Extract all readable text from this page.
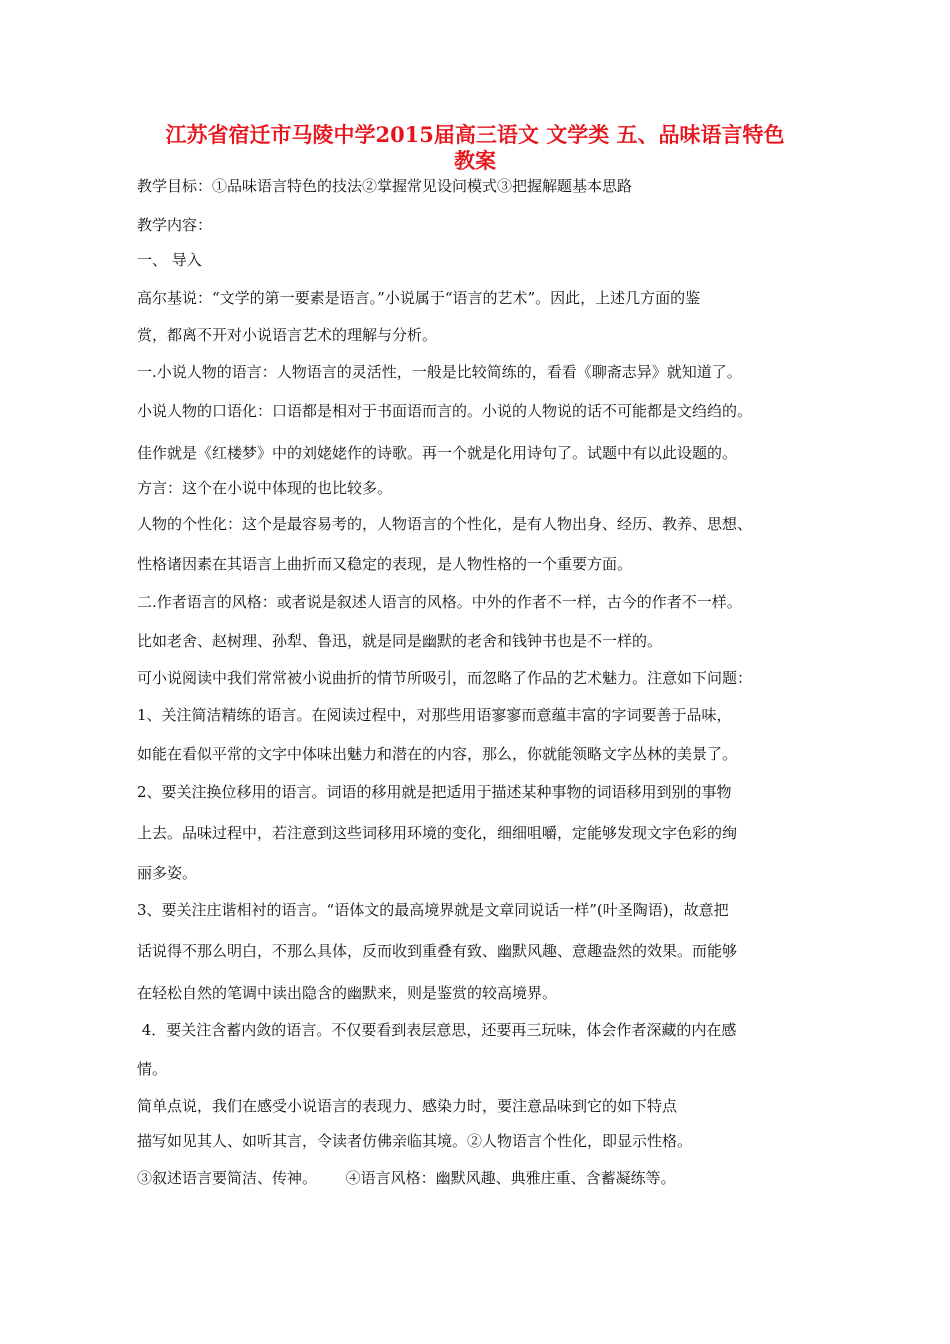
江苏省宿迁市马陵中学2015届高三语文 文学类 五、品味语言特色
教案
教学目标：①品味语言特色的技法②掌握常见设问模式③把握解题基本思路
教学内容：
一、 导入
高尔基说：“文学的第一要素是语言。”小说属于“语言的艺术”。因此，上述几方面的鉴
赏，都离不开对小说语言艺术的理解与分析。
一.小说人物的语言：人物语言的灵活性，一般是比较简练的，看看《聊斋志异》就知道了。
小说人物的口语化：口语都是相对于书面语而言的。小说的人物说的话不可能都是文绉绉的。
佳作就是《红楼梦》中的刘姥姥作的诗歌。再一个就是化用诗句了。试题中有以此设题的。
方言：这个在小说中体现的也比较多。
人物的个性化：这个是最容易考的，人物语言的个性化，是有人物出身、经历、教养、思想、
性格诸因素在其语言上曲折而又稳定的表现，是人物性格的一个重要方面。
二.作者语言的风格：或者说是叙述人语言的风格。中外的作者不一样，古今的作者不一样。
比如老舍、赵树理、孙犁、鲁迅，就是同是幽默的老舍和钱钟书也是不一样的。
可小说阅读中我们常常被小说曲折的情节所吸引，而忽略了作品的艺术魅力。注意如下问题：
1、关注简洁精练的语言。在阅读过程中，对那些用语寥寥而意蕴丰富的字词要善于品味，
如能在看似平常的文字中体味出魅力和潜在的内容，那么，你就能领略文字丛林的美景了。
2、要关注换位移用的语言。词语的移用就是把适用于描述某种事物的词语移用到别的事物
上去。品味过程中，若注意到这些词移用环境的变化，细细咀嚼，定能够发现文字色彩的绚
丽多姿。
3、要关注庄谐相衬的语言。“语体文的最高境界就是文章同说话一样”(叶圣陶语)，故意把
话说得不那么明白，不那么具体，反而收到重叠有致、幽默风趣、意趣盎然的效果。而能够
在轻松自然的笔调中读出隐含的幽默来，则是鉴赏的较高境界。
4．要关注含蓄内敛的语言。不仅要看到表层意思，还要再三玩味，体会作者深藏的内在感
情。
简单点说，我们在感受小说语言的表现力、感染力时，要注意品味到它的如下特点
描写如见其人、如听其言，令读者仿佛亲临其境。②人物语言个性化，即显示性格。
③叙述语言要简洁、传神。      ④语言风格：幽默风趣、典雅庄重、含蓄凝练等。
